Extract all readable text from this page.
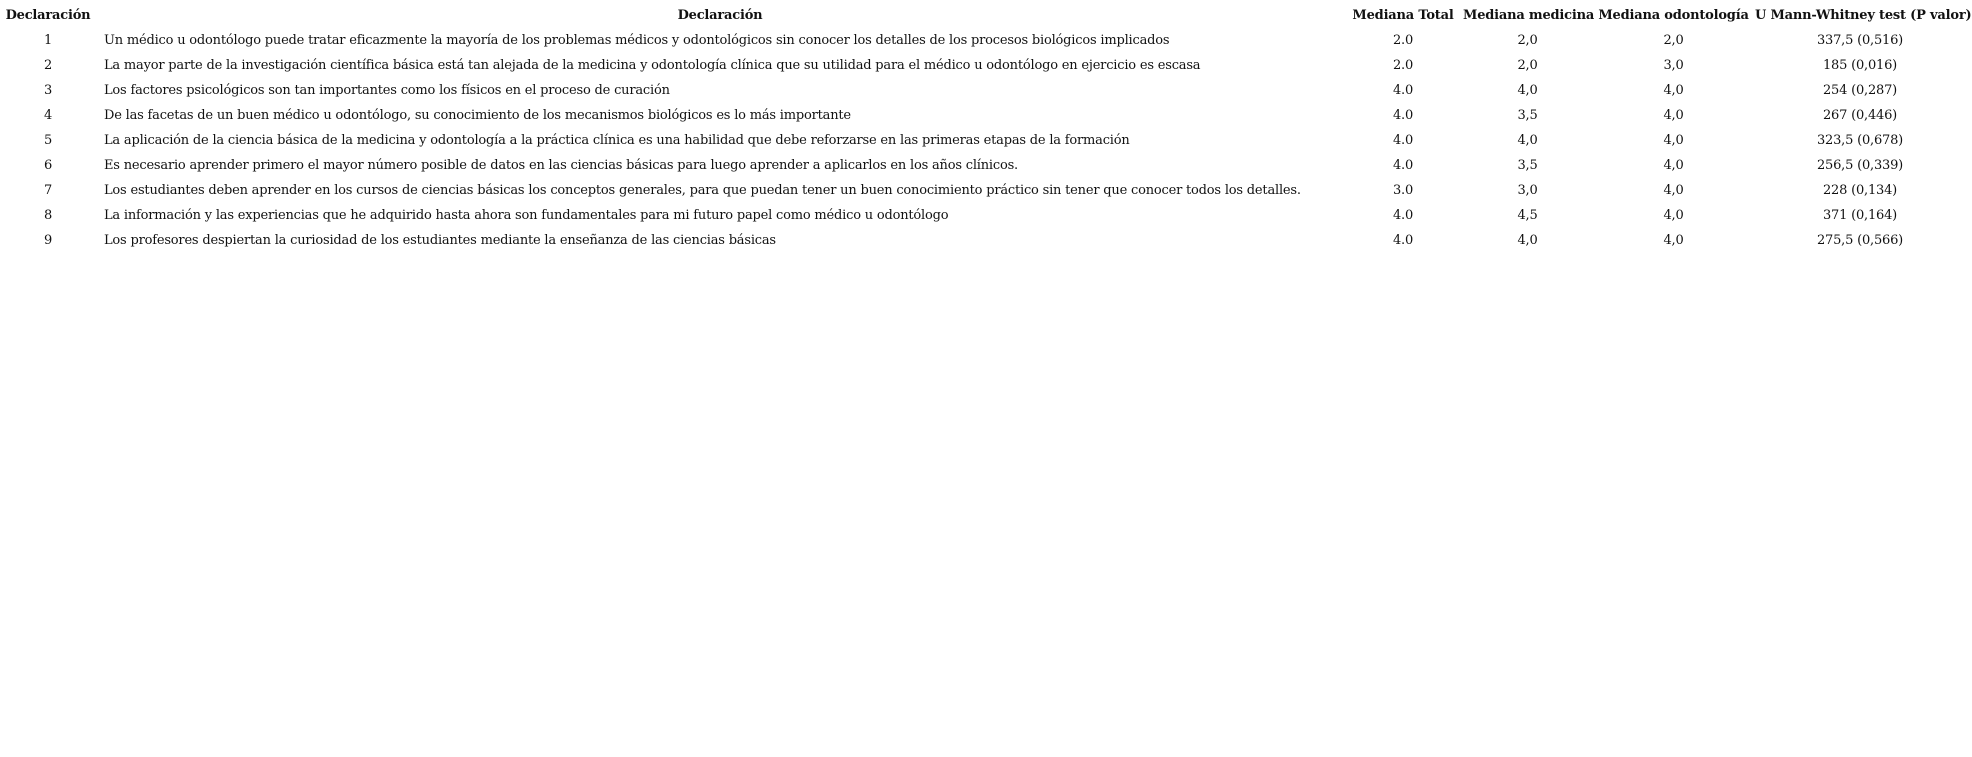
Declaración	Declaración	Mediana Total	Mediana medicina	Mediana odontología	U Mann-Whitney test (P valor)
1	Un médico u odontólogo puede tratar eficazmente la mayoría de los problemas médicos y odontológicos sin conocer los detalles de los procesos biológicos implicados	2.0	2,0	2,0	337,5 (0,516)
2	La mayor parte de la investigación científica básica está tan alejada de la medicina y odontología clínica que su utilidad para el médico u odontólogo en ejercicio es escasa	2.0	2,0	3,0	185 (0,016)
3	Los factores psicológicos son tan importantes como los físicos en el proceso de curación	4.0	4,0	4,0	254 (0,287)
4	De las facetas de un buen médico u odontólogo, su conocimiento de los mecanismos biológicos es lo más importante	4.0	3,5	4,0	267 (0,446)
5	La aplicación de la ciencia básica de la medicina y odontología a la práctica clínica es una habilidad que debe reforzarse en las primeras etapas de la formación	4.0	4,0	4,0	323,5 (0,678)
6	Es necesario aprender primero el mayor número posible de datos en las ciencias básicas para luego aprender a aplicarlos en los años clínicos.	4.0	3,5	4,0	256,5 (0,339)
7	Los estudiantes deben aprender en los cursos de ciencias básicas los conceptos generales, para que puedan tener un buen conocimiento práctico sin tener que conocer todos los detalles.	3.0	3,0	4,0	228 (0,134)
8	La información y las experiencias que he adquirido hasta ahora son fundamentales para mi futuro papel como médico u odontólogo	4.0	4,5	4,0	371 (0,164)
9	Los profesores despiertan la curiosidad de los estudiantes mediante la enseñanza de las ciencias básicas	4.0	4,0	4,0	275,5 (0,566)
